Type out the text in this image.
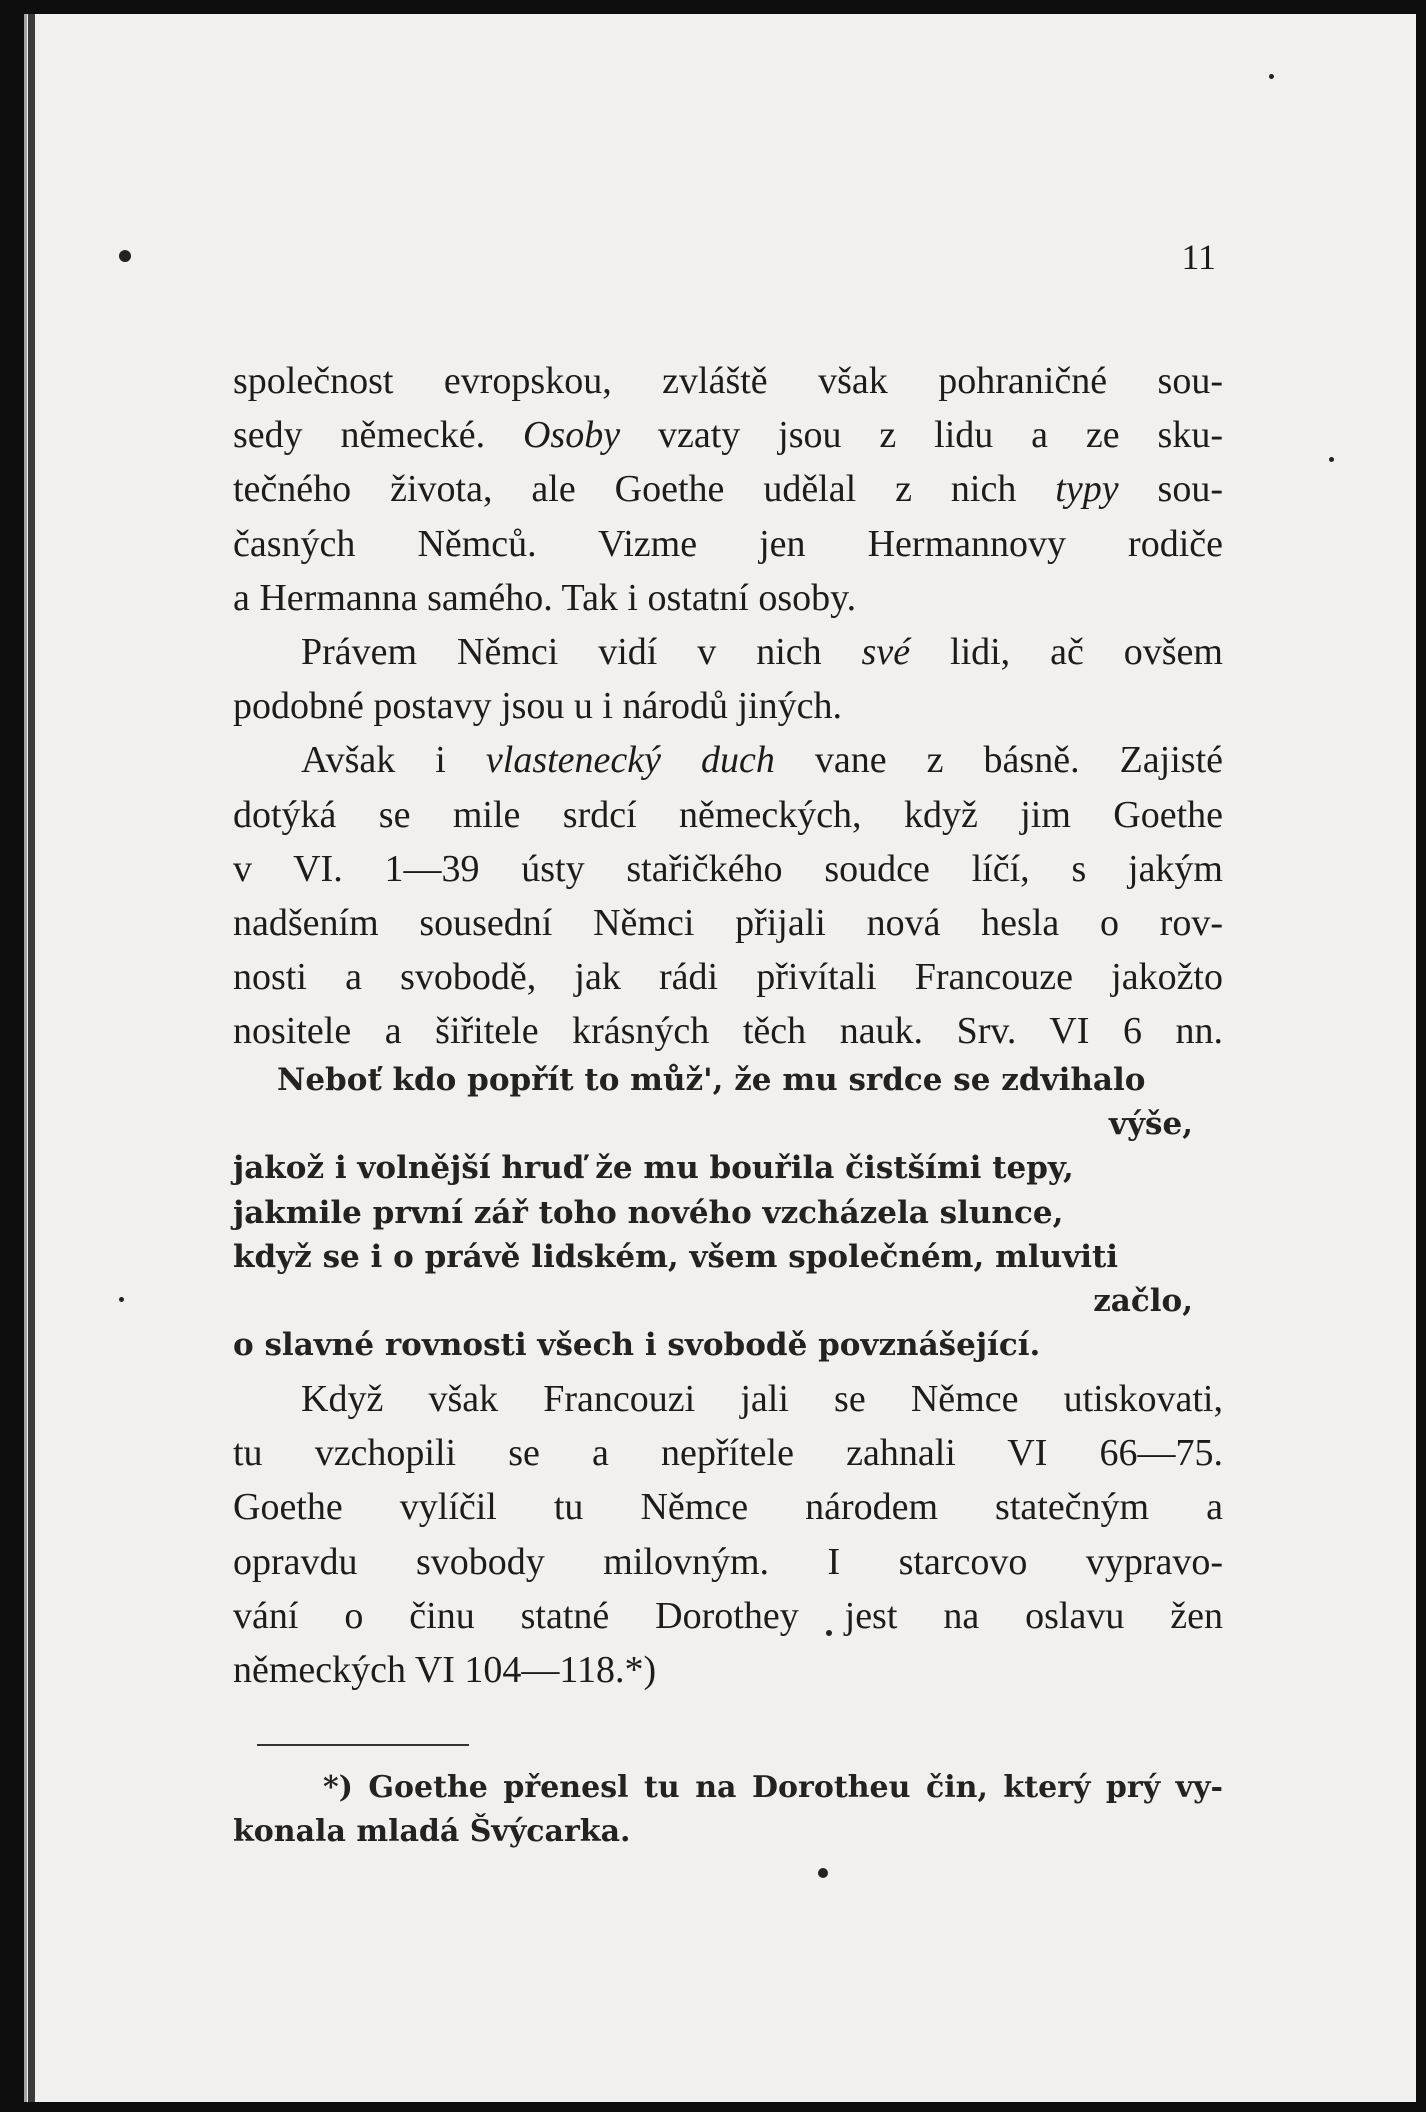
11
společnost evropskou, zvláště však pohraničné sou-
sedy německé. Osoby vzaty jsou z lidu a ze sku-
tečného života, ale Goethe udělal z nich typy sou-
časných Němců. Vizme jen Hermannovy rodiče
a Hermanna samého. Tak i ostatní osoby.
Právem Němci vidí v nich své lidi, ač ovšem
podobné postavy jsou u i národů jiných.
Avšak i vlastenecký duch vane z básně. Zajisté
dotýká se mile srdcí německých, když jim Goethe
v VI. 1—39 ústy stařičkého soudce líčí, s jakým
nadšením sousední Němci přijali nová hesla o rov-
nosti a svobodě, jak rádi přivítali Francouze jakožto
nositele a šiřitele krásných těch nauk. Srv. VI 6 nn.
Neboť kdo popřít to můž', že mu srdce se zdvihalo
výše,
jakož i volnější hruď že mu bouřila čistšími tepy,
jakmile první zář toho nového vzcházela slunce,
když se i o právě lidském, všem společném, mluviti
začlo,
o slavné rovnosti všech i svobodě povznášející.
Když však Francouzi jali se Němce utiskovati,
tu vzchopili se a nepřítele zahnali VI 66—75.
Goethe vylíčil tu Němce národem statečným a
opravdu svobody milovným. I starcovo vypravo-
vání o činu statné Dorothey jest na oslavu žen
německých VI 104—118.*)
*) Goethe přenesl tu na Dorotheu čin, který prý vy-
konala mladá Švýcarka.
